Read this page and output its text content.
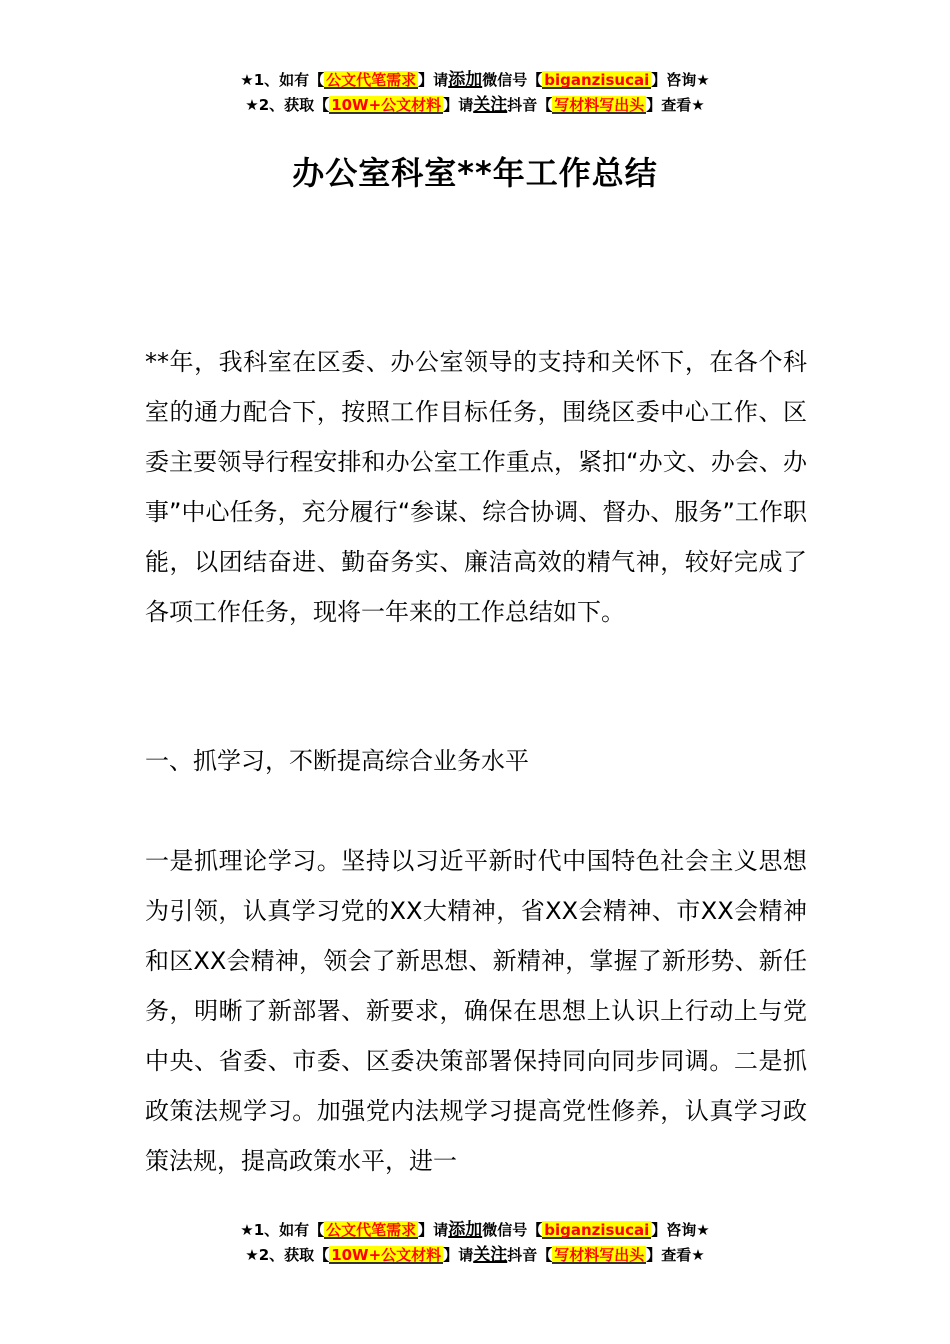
★1、如有【 公文代笔需求 】请添加微信号【 biganzisucai 】咨询★
★2、获取【 10W+公文材料 】请关注抖音【 写材料写出头 】查看★
办公室科室**年工作总结

**年，我科室在区委、办公室领导的支持和关怀下，在各个科室的通力配合下，按照工作目标任务，围绕区委中心工作、区委主要领导行程安排和办公室工作重点，紧扣“办文、办会、办事”中心任务，充分履行“参谋、综合协调、督办、服务”工作职能，以团结奋进、勤奋务实、廉洁高效的精气神，较好完成了各项工作任务，现将一年来的工作总结如下。

一、抓学习，不断提高综合业务水平

一是抓理论学习。坚持以习近平新时代中国特色社会主义思想为引领，认真学习党的XX大精神，省XX会精神、市XX会精神和区XX会精神，领会了新思想、新精神，掌握了新形势、新任务，明晰了新部署、新要求，确保在思想上认识上行动上与党中央、省委、市委、区委决策部署保持同向同步同调。二是抓政策法规学习。加强党内法规学习提高党性修养，认真学习政策法规，提高政策水平，进一

★1、如有【 公文代笔需求 】请添加微信号【 biganzisucai 】咨询★
★2、获取【 10W+公文材料 】请关注抖音【 写材料写出头 】查看★
